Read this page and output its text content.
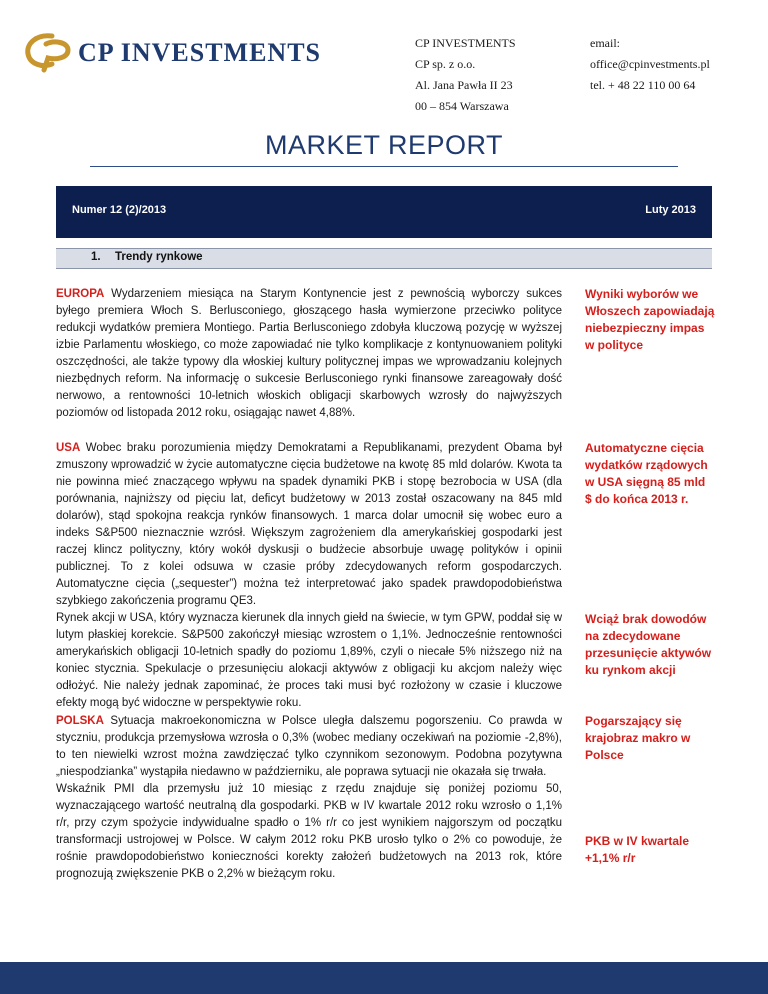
CP INVESTMENTS	CP INVESTMENTS
CP sp. z o.o.
Al. Jana Pawła II 23
00 – 854 Warszawa
email:
office@cpinvestments.pl
tel. + 48 22 110 00 64
MARKET REPORT
Numer 12 (2)/2013	Luty 2013
1. Trendy rynkowe

EUROPA Wydarzeniem miesiąca na Starym Kontynencie jest z pewnością wyborczy sukces byłego premiera Włoch S. Berlusconiego, głoszącego hasła wymierzone przeciwko polityce redukcji wydatków premiera Montiego. Partia Berlusconiego zdobyła kluczową pozycję w wyższej izbie Parlamentu włoskiego, co może zapowiadać nie tylko komplikacje z kontynuowaniem polityki oszczędności, ale także typowy dla włoskiej kultury politycznej impas we wprowadzaniu kolejnych niezbędnych reform. Na informację o sukcesie Berlusconiego rynki finansowe zareagowały dość nerwowo, a rentowności 10-letnich włoskich obligacji skarbowych wzrosły do najwyższych poziomów od listopada 2012 roku, osiągając nawet 4,88%.

USA Wobec braku porozumienia między Demokratami a Republikanami, prezydent Obama był zmuszony wprowadzić w życie automatyczne cięcia budżetowe na kwotę 85 mld dolarów. Kwota ta nie powinna mieć znaczącego wpływu na spadek dynamiki PKB i stopę bezrobocia w USA (dla porównania, najniższy od pięciu lat, deficyt budżetowy w 2013 został oszacowany na 845 mld dolarów), stąd spokojna reakcja rynków finansowych. 1 marca dolar umocnił się wobec euro a indeks S&P500 nieznacznie wzrósł. Większym zagrożeniem dla amerykańskiej gospodarki jest raczej klincz polityczny, który wokół dyskusji o budżecie absorbuje uwagę polityków i opinii publicznej. To z kolei odsuwa w czasie próby zdecydowanych reform gospodarczych. Automatyczne cięcia („sequester”) można też interpretować jako spadek prawdopodobieństwa szybkiego zakończenia programu QE3.

Rynek akcji w USA, który wyznacza kierunek dla innych giełd na świecie, w tym GPW, poddał się w lutym płaskiej korekcie. S&P500 zakończył miesiąc wzrostem o 1,1%. Jednocześnie rentowności amerykańskich obligacji 10-letnich spadły do poziomu 1,89%, czyli o niecałe 5% niższego niż na koniec stycznia. Spekulacje o przesunięciu alokacji aktywów z obligacji ku akcjom należy więc odłożyć. Nie należy jednak zapominać, że proces taki musi być rozłożony w czasie i kluczowe efekty mogą być widoczne w perspektywie roku.

POLSKA Sytuacja makroekonomiczna w Polsce uległa dalszemu pogorszeniu. Co prawda w styczniu, produkcja przemysłowa wzrosła o 0,3% (wobec mediany oczekiwań na poziomie -2,8%), to ten niewielki wzrost można zawdzięczać tylko czynnikom sezonowym. Podobna pozytywna „niespodzianka” wystąpiła niedawno w październiku, ale poprawa sytuacji nie okazała się trwała.

Wskaźnik PMI dla przemysłu już 10 miesiąc z rzędu znajduje się poniżej poziomu 50, wyznaczającego wartość neutralną dla gospodarki. PKB w IV kwartale 2012 roku wzrosło o 1,1% r/r, przy czym spożycie indywidualne spadło o 1% r/r co jest wynikiem najgorszym od początku transformacji ustrojowej w Polsce. W całym 2012 roku PKB urosło tylko o 2% co powoduje, że rośnie prawdopodobieństwo konieczności korekty założeń budżetowych na 2013 rok, które prognozują zwiększenie PKB o 2,2% w bieżącym roku.

Wyniki wyborów we Włoszech zapowiadają niebezpieczny impas w polityce
Automatyczne cięcia wydatków rządowych w USA sięgną 85 mld $ do końca 2013 r.
Wciąż brak dowodów na zdecydowane przesunięcie aktywów ku rynkom akcji
Pogarszający się krajobraz makro w Polsce
PKB w IV kwartale +1,1% r/r
